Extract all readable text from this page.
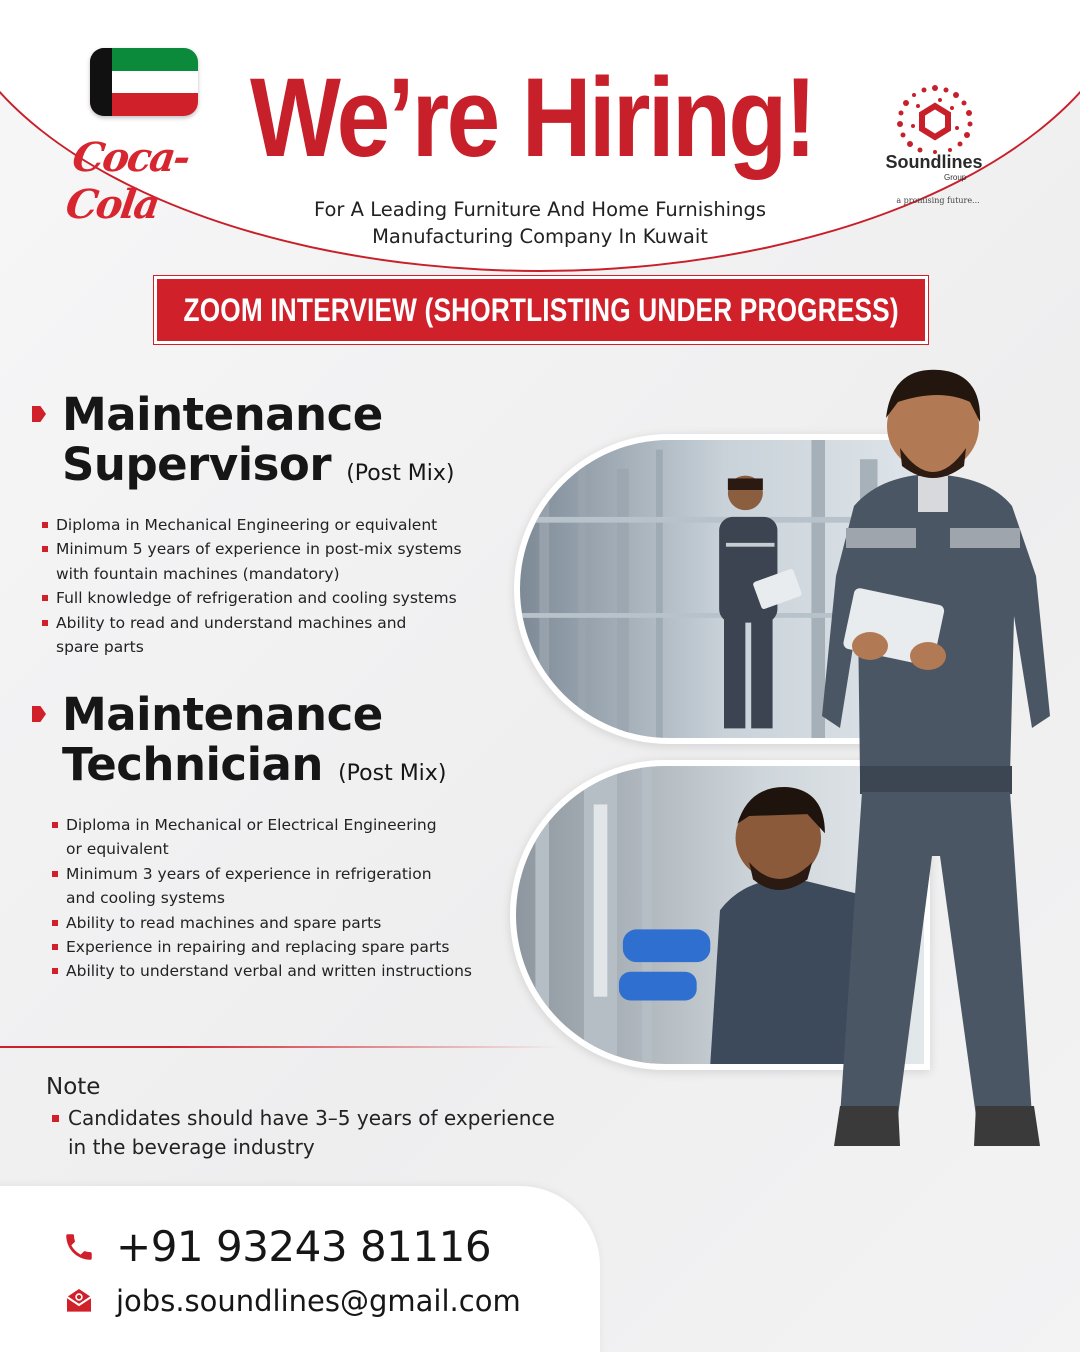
Coca-Cola
We’re Hiring!
For A Leading Furniture And Home Furnishings
Manufacturing Company In Kuwait
Soundlines
Group
a promising future...
ZOOM INTERVIEW (SHORTLISTING UNDER PROGRESS)
Maintenance
Supervisor (Post Mix)
Diploma in Mechanical Engineering or equivalent
Minimum 5 years of experience in post-mix systems
with fountain machines (mandatory)
Full knowledge of refrigeration and cooling systems
Ability to read and understand machines and
spare parts
Maintenance
Technician (Post Mix)
Diploma in Mechanical or Electrical Engineering
or equivalent
Minimum 3 years of experience in refrigeration
and cooling systems
Ability to read machines and spare parts
Experience in repairing and replacing spare parts
Ability to understand verbal and written instructions
Note
Candidates should have 3–5 years of experience
in the beverage industry
+91 93243 81116
jobs.soundlines@gmail.com
